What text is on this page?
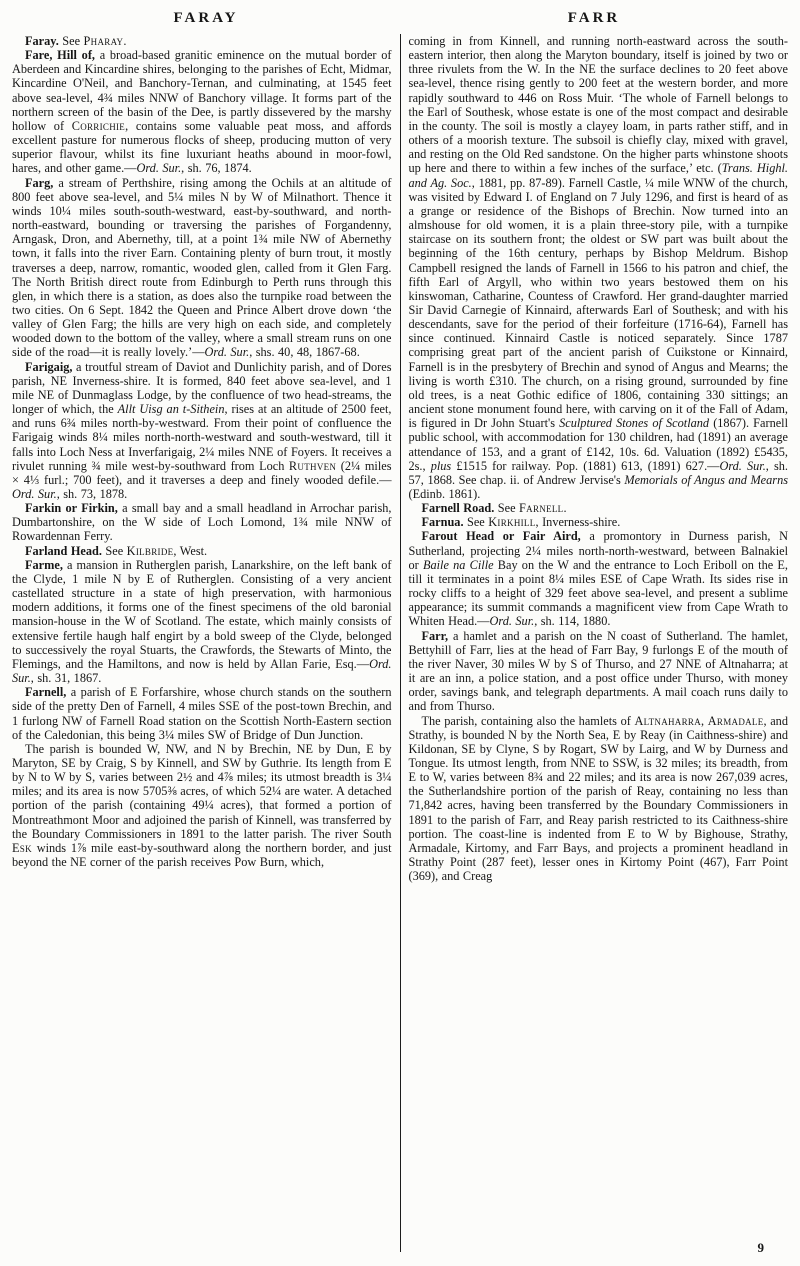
FARAY	FARR

Faray. See Pharay.

Fare, Hill of, a broad-based granitic eminence on the mutual border of Aberdeen and Kincardine shires, belonging to the parishes of Echt, Midmar, Kincardine O'Neil, and Banchory-Ternan, and culminating, at 1545 feet above sea-level, 4¾ miles NNW of Banchory village. It forms part of the northern screen of the basin of the Dee, is partly dissevered by the marshy hollow of Corrichie, contains some valuable peat moss, and affords excellent pasture for numerous flocks of sheep, producing mutton of very superior flavour, whilst its fine luxuriant heaths abound in moor-fowl, hares, and other game.—Ord. Sur., sh. 76, 1874.

Farg, a stream of Perthshire, rising among the Ochils at an altitude of 800 feet above sea-level, and 5¼ miles N by W of Milnathort. Thence it winds 10¼ miles south-south-westward, east-by-southward, and north-north-eastward, bounding or traversing the parishes of Forgandenny, Arngask, Dron, and Abernethy, till, at a point 1¾ mile NW of Abernethy town, it falls into the river Earn. Containing plenty of burn trout, it mostly traverses a deep, narrow, romantic, wooded glen, called from it Glen Farg. The North British direct route from Edinburgh to Perth runs through this glen, in which there is a station, as does also the turnpike road between the two cities. On 6 Sept. 1842 the Queen and Prince Albert drove down ‘the valley of Glen Farg; the hills are very high on each side, and completely wooded down to the bottom of the valley, where a small stream runs on one side of the road—it is really lovely.’—Ord. Sur., shs. 40, 48, 1867-68.

Farigaig, a troutful stream of Daviot and Dunlichity parish, and of Dores parish, NE Inverness-shire. It is formed, 840 feet above sea-level, and 1 mile NE of Dunmaglass Lodge, by the confluence of two head-streams, the longer of which, the Allt Uisg an t-Sithein, rises at an altitude of 2500 feet, and runs 6¾ miles north-by-westward. From their point of confluence the Farigaig winds 8¼ miles north-north-westward and south-westward, till it falls into Loch Ness at Inverfarigaig, 2¼ miles NNE of Foyers. It receives a rivulet running ¾ mile west-by-southward from Loch Ruthven (2¼ miles × 4⅓ furl.; 700 feet), and it traverses a deep and finely wooded defile.—Ord. Sur., sh. 73, 1878.

Farkin or Firkin, a small bay and a small headland in Arrochar parish, Dumbartonshire, on the W side of Loch Lomond, 1¾ mile NNW of Rowardennan Ferry.

Farland Head. See Kilbride, West.

Farme, a mansion in Rutherglen parish, Lanarkshire, on the left bank of the Clyde, 1 mile N by E of Rutherglen. Consisting of a very ancient castellated structure in a state of high preservation, with harmonious modern additions, it forms one of the finest specimens of the old baronial mansion-house in the W of Scotland. The estate, which mainly consists of extensive fertile haugh half engirt by a bold sweep of the Clyde, belonged to successively the royal Stuarts, the Crawfords, the Stewarts of Minto, the Flemings, and the Hamiltons, and now is held by Allan Farie, Esq.—Ord. Sur., sh. 31, 1867.

Farnell, a parish of E Forfarshire, whose church stands on the southern side of the pretty Den of Farnell, 4 miles SSE of the post-town Brechin, and 1 furlong NW of Farnell Road station on the Scottish North-Eastern section of the Caledonian, this being 3¼ miles SW of Bridge of Dun Junction.

The parish is bounded W, NW, and N by Brechin, NE by Dun, E by Maryton, SE by Craig, S by Kinnell, and SW by Guthrie. Its length from E by N to W by S, varies between 2½ and 4⅞ miles; its utmost breadth is 3¼ miles; and its area is now 5705⅜ acres, of which 52¼ are water. A detached portion of the parish (containing 49¼ acres), that formed a portion of Montreathmont Moor and adjoined the parish of Kinnell, was transferred by the Boundary Commissioners in 1891 to the latter parish. The river South Esk winds 1⅞ mile east-by-southward along the northern border, and just beyond the NE corner of the parish receives Pow Burn, which,

coming in from Kinnell, and running north-eastward across the south-eastern interior, then along the Maryton boundary, itself is joined by two or three rivulets from the W. In the NE the surface declines to 20 feet above sea-level, thence rising gently to 200 feet at the western border, and more rapidly southward to 446 on Ross Muir. ‘The whole of Farnell belongs to the Earl of Southesk, whose estate is one of the most compact and desirable in the county. The soil is mostly a clayey loam, in parts rather stiff, and in others of a moorish texture. The subsoil is chiefly clay, mixed with gravel, and resting on the Old Red sandstone. On the higher parts whinstone shoots up here and there to within a few inches of the surface,’ etc. (Trans. Highl. and Ag. Soc., 1881, pp. 87-89). Farnell Castle, ¼ mile WNW of the church, was visited by Edward I. of England on 7 July 1296, and first is heard of as a grange or residence of the Bishops of Brechin. Now turned into an almshouse for old women, it is a plain three-story pile, with a turnpike staircase on its southern front; the oldest or SW part was built about the beginning of the 16th century, perhaps by Bishop Meldrum. Bishop Campbell resigned the lands of Farnell in 1566 to his patron and chief, the fifth Earl of Argyll, who within two years bestowed them on his kinswoman, Catharine, Countess of Crawford. Her grand-daughter married Sir David Carnegie of Kinnaird, afterwards Earl of Southesk; and with his descendants, save for the period of their forfeiture (1716-64), Farnell has since continued. Kinnaird Castle is noticed separately. Since 1787 comprising great part of the ancient parish of Cuikstone or Kinnaird, Farnell is in the presbytery of Brechin and synod of Angus and Mearns; the living is worth £310. The church, on a rising ground, surrounded by fine old trees, is a neat Gothic edifice of 1806, containing 330 sittings; an ancient stone monument found here, with carving on it of the Fall of Adam, is figured in Dr John Stuart's Sculptured Stones of Scotland (1867). Farnell public school, with accommodation for 130 children, had (1891) an average attendance of 153, and a grant of £142, 10s. 6d. Valuation (1892) £5435, 2s., plus £1515 for railway. Pop. (1881) 613, (1891) 627.—Ord. Sur., sh. 57, 1868. See chap. ii. of Andrew Jervise's Memorials of Angus and Mearns (Edinb. 1861).

Farnell Road. See Farnell.

Farnua. See Kirkhill, Inverness-shire.

Farout Head or Fair Aird, a promontory in Durness parish, N Sutherland, projecting 2¼ miles north-north-westward, between Balnakiel or Baile na Cille Bay on the W and the entrance to Loch Eriboll on the E, till it terminates in a point 8¼ miles ESE of Cape Wrath. Its sides rise in rocky cliffs to a height of 329 feet above sea-level, and present a sublime appearance; its summit commands a magnificent view from Cape Wrath to Whiten Head.—Ord. Sur., sh. 114, 1880.

Farr, a hamlet and a parish on the N coast of Sutherland. The hamlet, Bettyhill of Farr, lies at the head of Farr Bay, 9 furlongs E of the mouth of the river Naver, 30 miles W by S of Thurso, and 27 NNE of Altnaharra; at it are an inn, a police station, and a post office under Thurso, with money order, savings bank, and telegraph departments. A mail coach runs daily to and from Thurso.

The parish, containing also the hamlets of Altnaharra, Armadale, and Strathy, is bounded N by the North Sea, E by Reay (in Caithness-shire) and Kildonan, SE by Clyne, S by Rogart, SW by Lairg, and W by Durness and Tongue. Its utmost length, from NNE to SSW, is 32 miles; its breadth, from E to W, varies between 8¾ and 22 miles; and its area is now 267,039 acres, the Sutherlandshire portion of the parish of Reay, containing no less than 71,842 acres, having been transferred by the Boundary Commissioners in 1891 to the parish of Farr, and Reay parish restricted to its Caithness-shire portion. The coast-line is indented from E to W by Bighouse, Strathy, Armadale, Kirtomy, and Farr Bays, and projects a prominent headland in Strathy Point (287 feet), lesser ones in Kirtomy Point (467), Farr Point (369), and Creag

9
